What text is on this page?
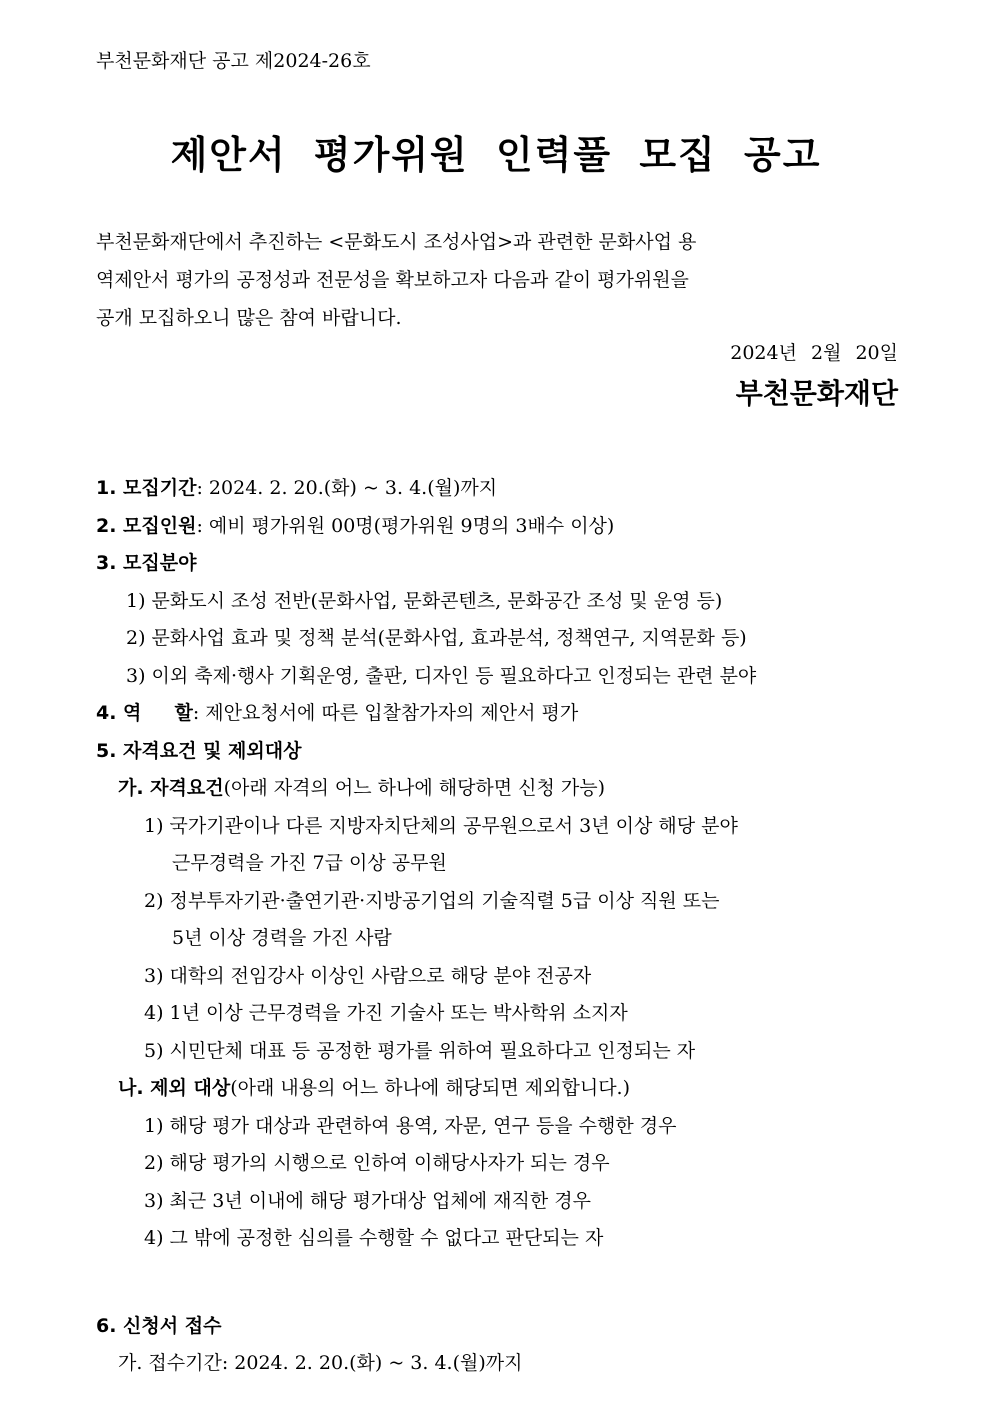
부천문화재단 공고 제2024-26호
제안서 평가위원 인력풀 모집 공고
부천문화재단에서 추진하는 <문화도시 조성사업>과 관련한 문화사업 용
역제안서 평가의 공정성과 전문성을 확보하고자 다음과 같이 평가위원을
공개 모집하오니 많은 참여 바랍니다.
2024년 2월 20일
부천문화재단
1. 모집기간: 2024. 2. 20.(화) ~ 3. 4.(월)까지
2. 모집인원: 예비 평가위원 00명(평가위원 9명의 3배수 이상)
3. 모집분야
1) 문화도시 조성 전반(문화사업, 문화콘텐츠, 문화공간 조성 및 운영 등)
2) 문화사업 효과 및 정책 분석(문화사업, 효과분석, 정책연구, 지역문화 등)
3) 이외 축제·행사 기획운영, 출판, 디자인 등 필요하다고 인정되는 관련 분야
4. 역     할: 제안요청서에 따른 입찰참가자의 제안서 평가
5. 자격요건 및 제외대상
가. 자격요건(아래 자격의 어느 하나에 해당하면 신청 가능)
1) 국가기관이나 다른 지방자치단체의 공무원으로서 3년 이상 해당 분야
근무경력을 가진 7급 이상 공무원
2) 정부투자기관·출연기관·지방공기업의 기술직렬 5급 이상 직원 또는
5년 이상 경력을 가진 사람
3) 대학의 전임강사 이상인 사람으로 해당 분야 전공자
4) 1년 이상 근무경력을 가진 기술사 또는 박사학위 소지자
5) 시민단체 대표 등 공정한 평가를 위하여 필요하다고 인정되는 자
나. 제외 대상(아래 내용의 어느 하나에 해당되면 제외합니다.)
1) 해당 평가 대상과 관련하여 용역, 자문, 연구 등을 수행한 경우
2) 해당 평가의 시행으로 인하여 이해당사자가 되는 경우
3) 최근 3년 이내에 해당 평가대상 업체에 재직한 경우
4) 그 밖에 공정한 심의를 수행할 수 없다고 판단되는 자
6. 신청서 접수
가. 접수기간: 2024. 2. 20.(화) ~ 3. 4.(월)까지
